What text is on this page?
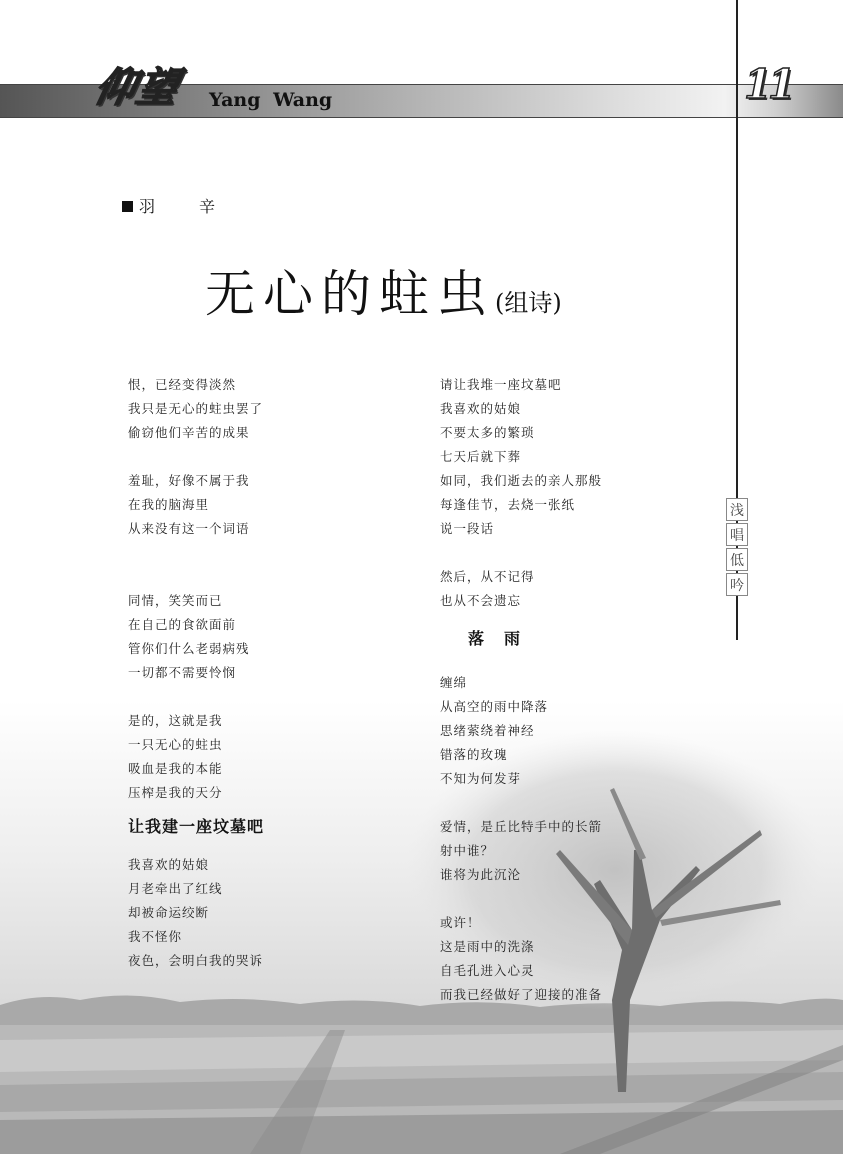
仰望 Yang Wang	11
浅
唱
低
吟
羽　辛
无心的蛀虫(组诗)
恨，已经变得淡然
我只是无心的蛀虫罢了
偷窃他们辛苦的成果
羞耻，好像不属于我
在我的脑海里
从来没有这一个词语
同情，笑笑而已
在自己的食欲面前
管你们什么老弱病残
一切都不需要怜悯
是的，这就是我
一只无心的蛀虫
吸血是我的本能
压榨是我的天分
让我建一座坟墓吧
我喜欢的姑娘
月老牵出了红线
却被命运绞断
我不怪你
夜色，会明白我的哭诉
请让我堆一座坟墓吧
我喜欢的姑娘
不要太多的繁琐
七天后就下葬
如同，我们逝去的亲人那般
每逢佳节，去烧一张纸
说一段话
然后，从不记得
也从不会遗忘
落雨
缠绵
从高空的雨中降落
思绪萦绕着神经
错落的玫瑰
不知为何发芽
爱情，是丘比特手中的长箭
射中谁？
谁将为此沉沦
或许！
这是雨中的洗涤
自毛孔进入心灵
而我已经做好了迎接的准备
